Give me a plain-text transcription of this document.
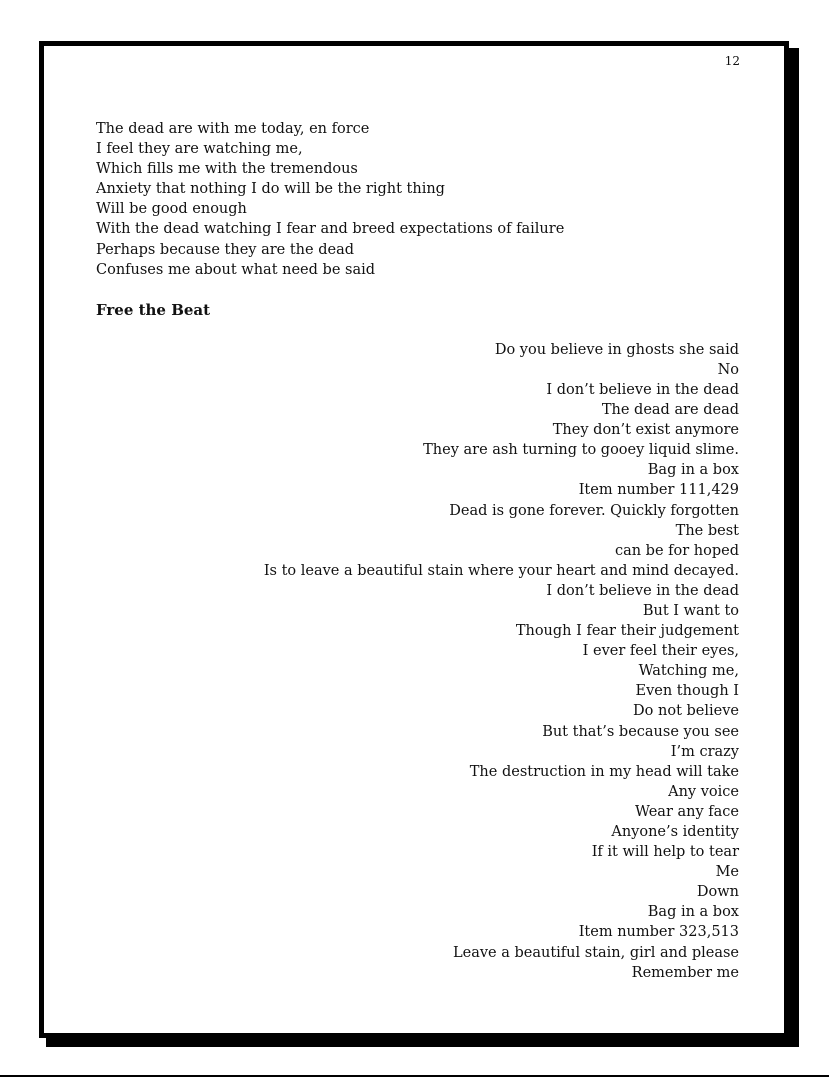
12
The dead are with me today, en force
I feel they are watching me,
Which fills me with the tremendous
Anxiety that nothing I do will be the right thing
Will be good enough
With the dead watching I fear and breed expectations of failure
Perhaps because they are the dead
Confuses me about what need be said
Free the Beat
Do you believe in ghosts she said
No
I don’t believe in the dead
The dead are dead
They don’t exist anymore
They are ash turning to gooey liquid slime.
Bag in a box
Item number 111,429
Dead is gone forever. Quickly forgotten
The best
can be for hoped
Is to leave a beautiful stain where your heart and mind decayed.
I don’t believe in the dead
But I want to
Though I fear their judgement
I ever feel their eyes,
Watching me,
Even though I
Do not believe
But that’s because you see
I’m crazy
The destruction in my head will take
Any voice
Wear any face
Anyone’s identity
If it will help to tear
Me
Down
Bag in a box
Item number 323,513
Leave a beautiful stain, girl and please
Remember me
